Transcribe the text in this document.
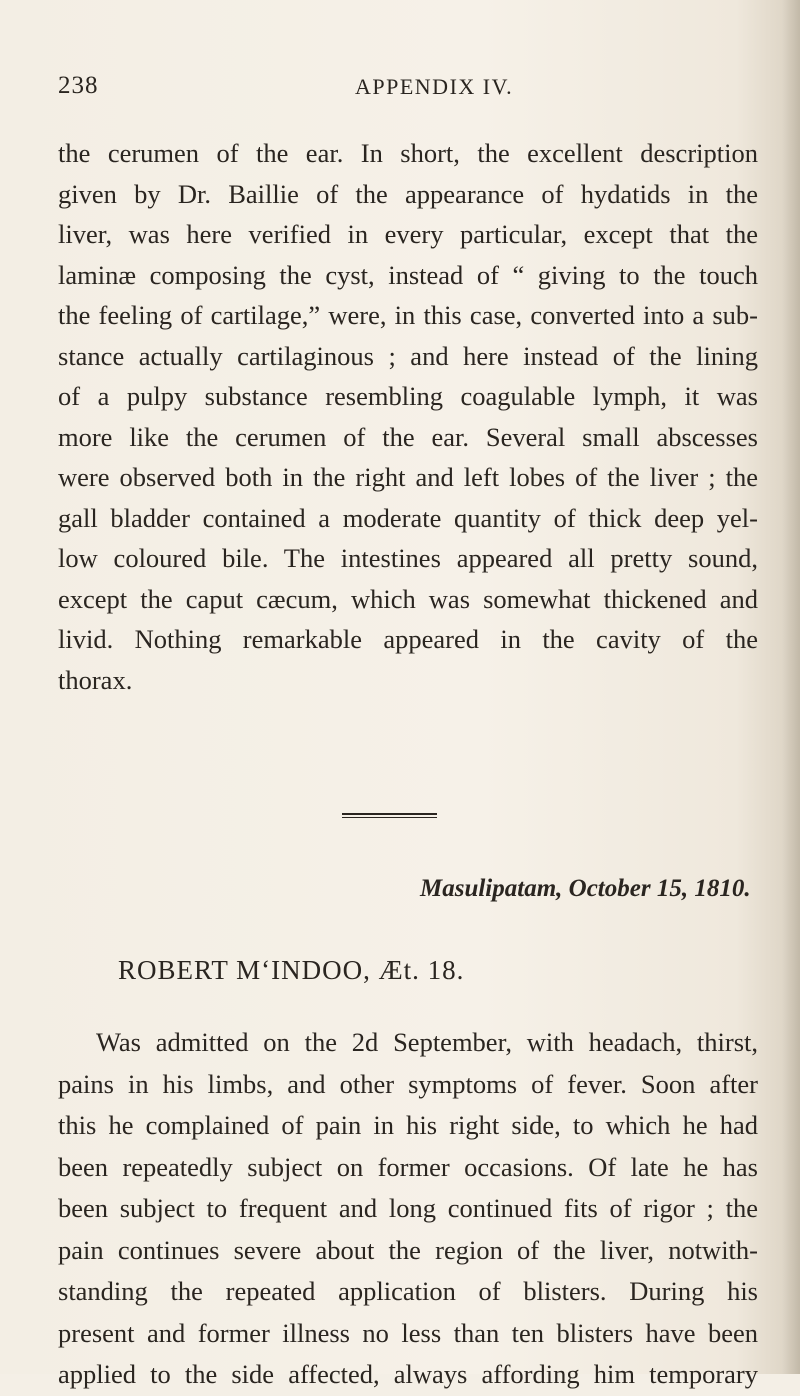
238	APPENDIX IV.
the cerumen of the ear. In short, the excellent description
given by Dr. Baillie of the appearance of hydatids in the
liver, was here verified in every particular, except that the
laminæ composing the cyst, instead of “ giving to the touch
the feeling of cartilage,” were, in this case, converted into a sub-
stance actually cartilaginous ; and here instead of the lining
of a pulpy substance resembling coagulable lymph, it was
more like the cerumen of the ear. Several small abscesses
were observed both in the right and left lobes of the liver ; the
gall bladder contained a moderate quantity of thick deep yel-
low coloured bile. The intestines appeared all pretty sound,
except the caput cæcum, which was somewhat thickened and
livid. Nothing remarkable appeared in the cavity of the
thorax.
Masulipatam, October 15, 1810.
ROBERT M‘INDOO, Æt. 18.
Was admitted on the 2d September, with headach, thirst,
pains in his limbs, and other symptoms of fever. Soon after
this he complained of pain in his right side, to which he had
been repeatedly subject on former occasions. Of late he has
been subject to frequent and long continued fits of rigor ; the
pain continues severe about the region of the liver, notwith-
standing the repeated application of blisters. During his
present and former illness no less than ten blisters have been
applied to the side affected, always affording him temporary
